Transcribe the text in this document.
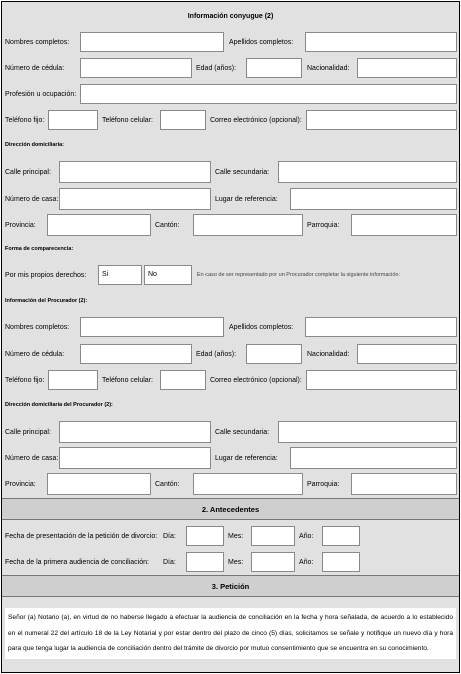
Información conyugue (2)
Nombres completos:	Apellidos completos:
Número de cédula:	Edad (años):	Nacionalidad:
Profesión u ocupación:
Teléfono fijo:	Teléfono celular:	Correo electrónico (opcional):
Dirección domiciliaria:
Calle principal:	Calle secundaria:
Número de casa:	Lugar de referencia:
Provincia:	Cantón:	Parroquia:
Forma de comparecencia:
Por mis propios derechos:	Si	No	En caso de ser representado por un Procurador completar la siguiente información:
Información del Procurador (2):
Nombres completos:	Apellidos completos:
Número de cédula:	Edad (años):	Nacionalidad:
Teléfono fijo:	Teléfono celular:	Correo electrónico (opcional):
Dirección domiciliaria del Procurador (2):
Calle principal:	Calle secundaria:
Número de casa:	Lugar de referencia:
Provincia:	Cantón:	Parroquia:
2. Antecedentes
Fecha de presentación de la petición de divorcio: Día:	Mes:	Año:
Fecha de la primera audiencia de conciliación:	Día:	Mes:	Año:
3. Petición
Señor (a) Notario (a), en virtud de no haberse llegado a efectuar la audiencia de conciliación en la fecha y hora señalada, de acuerdo a lo establecido en el numeral 22 del artículo 18 de la Ley Notarial y por estar dentro del plazo de cinco (5) días, solicitamos se señale y notifique un nuevo día y hora para que tenga lugar la audiencia de conciliación dentro del trámite de divorcio por mutuo consentimiento que se encuentra en su conocimiento.
